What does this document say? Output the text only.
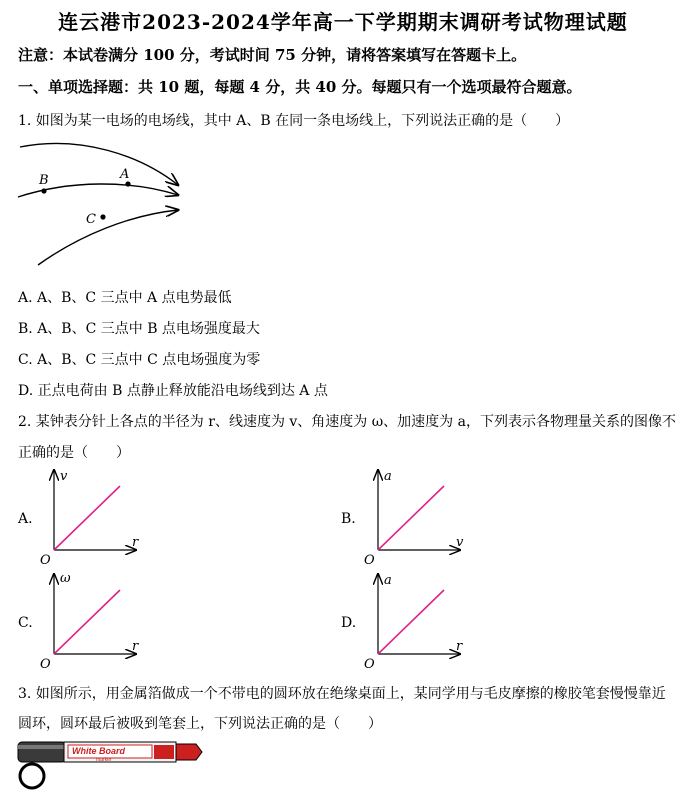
连云港市2023-2024学年高一下学期期末调研考试物理试题
注意：本试卷满分 100 分，考试时间 75 分钟，请将答案填写在答题卡上。
一、单项选择题：共 10 题，每题 4 分，共 40 分。每题只有一个选项最符合题意。
1. 如图为某一电场的电场线，其中 A、B 在同一条电场线上，下列说法正确的是（　　）
A
B
C
A. A、B、C 三点中 A 点电势最低
B. A、B、C 三点中 B 点电场强度最大
C. A、B、C 三点中 C 点电场强度为零
D. 正点电荷由 B 点静止释放能沿电场线到达 A 点
2. 某钟表分针上各点的半径为 r、线速度为 v、角速度为 ω、加速度为 a，下列表示各物理量关系的图像不
正确的是（　　）
A.
v
r
O
B.
a
v
O
C.
ω
r
O
D.
a
r
O
3. 如图所示，用金属箔做成一个不带电的圆环放在绝缘桌面上，某同学用与毛皮摩擦的橡胶笔套慢慢靠近
圆环，圆环最后被吸到笔套上，下列说法正确的是（　　）
White Board
marker
